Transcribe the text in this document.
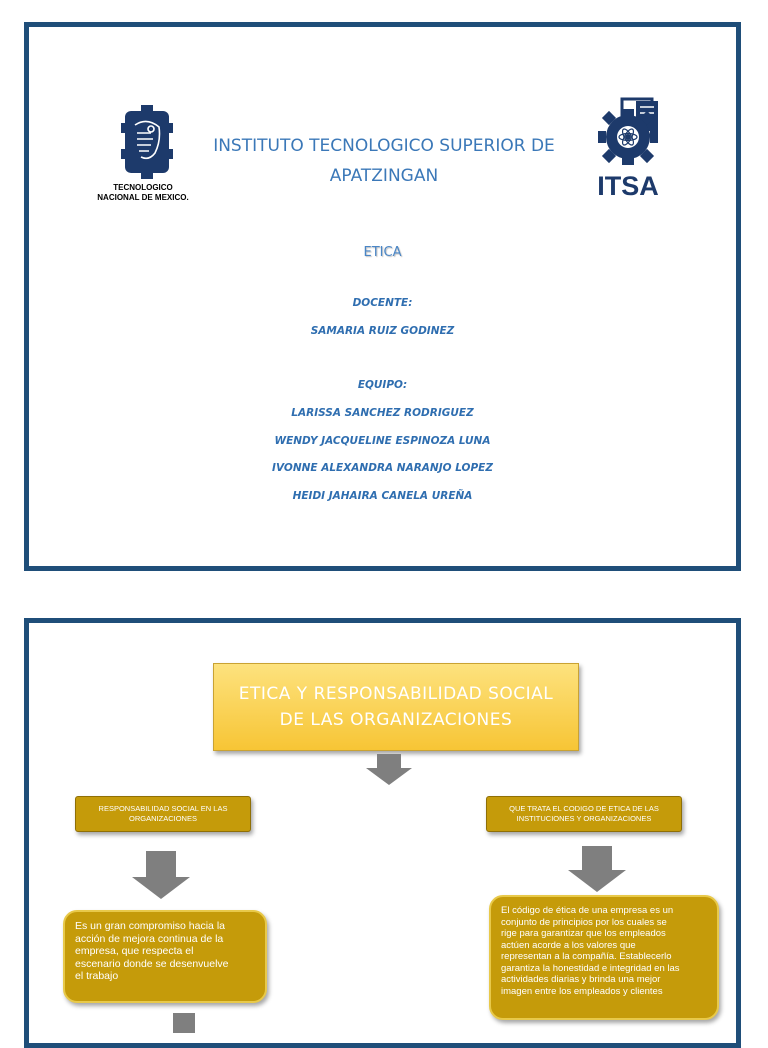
TECNOLOGICO
NACIONAL DE MEXICO.
INSTITUTO TECNOLOGICO SUPERIOR DE
APATZINGAN	ITSA
ETICA
DOCENTE:
SAMARIA RUIZ GODINEZ
EQUIPO:
LARISSA SANCHEZ RODRIGUEZ
WENDY JACQUELINE ESPINOZA LUNA
IVONNE ALEXANDRA NARANJO LOPEZ
HEIDI JAHAIRA CANELA UREÑA
ETICA Y RESPONSABILIDAD SOCIAL
DE LAS ORGANIZACIONES
RESPONSABILIDAD SOCIAL EN LAS
ORGANIZACIONES
QUE TRATA EL CODIGO DE ETICA DE LAS
INSTITUCIONES Y ORGANIZACIONES
Es un gran compromiso hacia la
acción de mejora continua de la
empresa, que respecta el
escenario donde se desenvuelve
el trabajo
El código de ética de una empresa es un
conjunto de principios por los cuales se
rige para garantizar que los empleados
actúen acorde a los valores que
representan a la compañía. Establecerlo
garantiza la honestidad e integridad en las
actividades diarias y brinda una mejor
imagen entre los empleados y clientes
